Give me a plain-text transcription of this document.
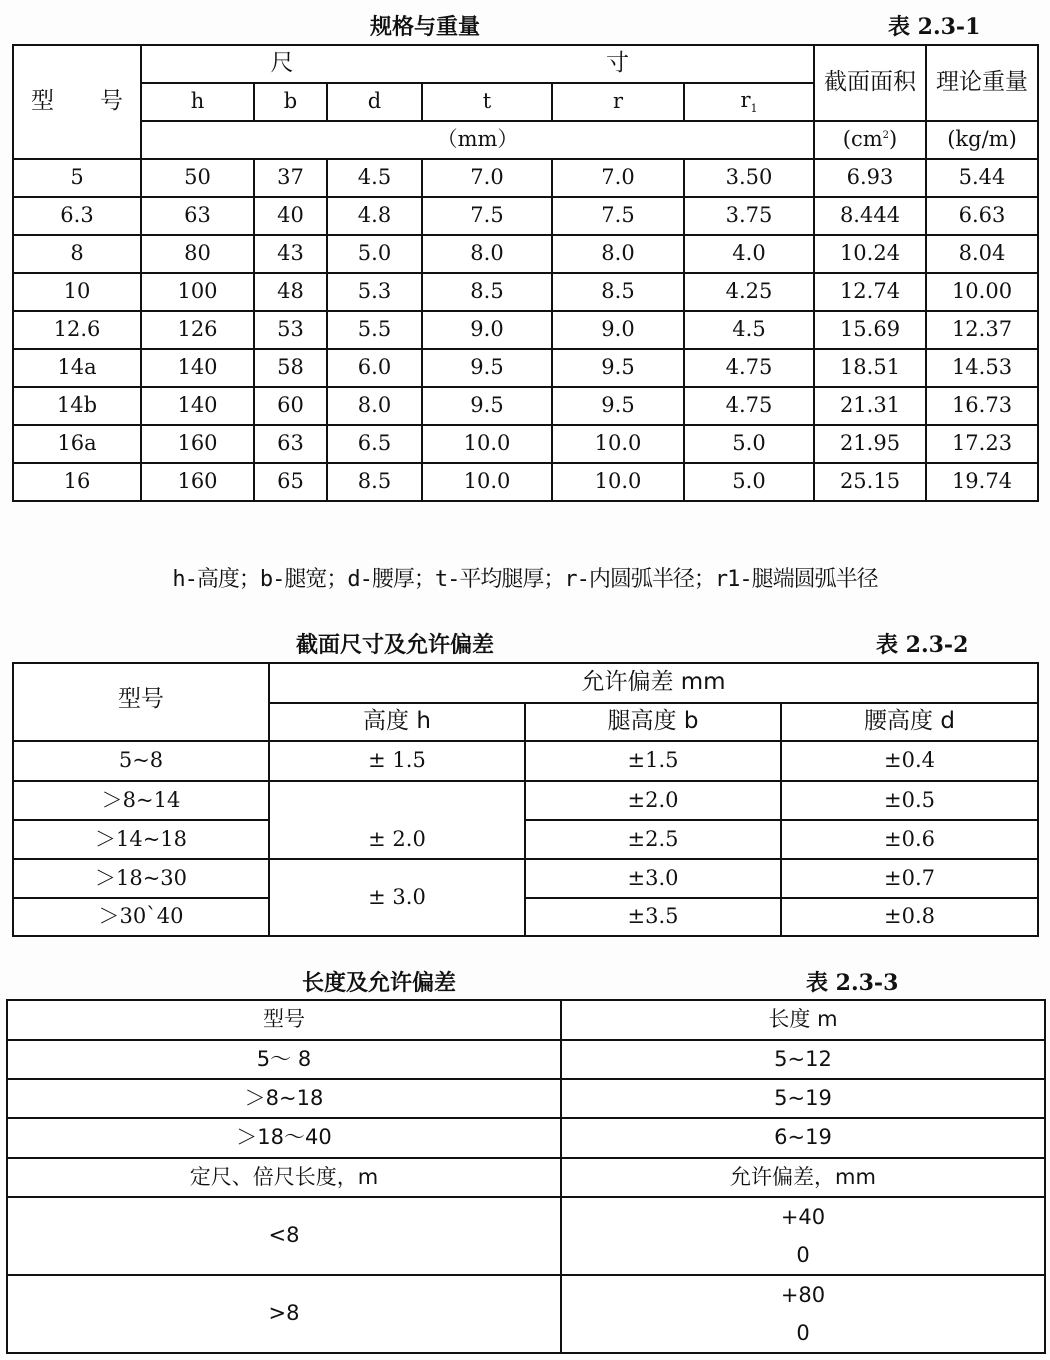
规格与重量	表 2.3-1
型　　号	尺			寸			截面面积	理论重量
	h	b	d	t	r	$r_1$
	（mm）						$(cm^2)$	(kg/m)
5	50	37	4.5	7.0	7.0	3.50	6.93	5.44
6.3	63	40	4.8	7.5	7.5	3.75	8.444	6.63
8	80	43	5.0	8.0	8.0	4.0	10.24	8.04
10	100	48	5.3	8.5	8.5	4.25	12.74	10.00
12.6	126	53	5.5	9.0	9.0	4.5	15.69	12.37
14a	140	58	6.0	9.5	9.5	4.75	18.51	14.53
14b	140	60	8.0	9.5	9.5	4.75	21.31	16.73
16a	160	63	6.5	10.0	10.0	5.0	21.95	17.23
16	160	65	8.5	10.0	10.0	5.0	25.15	19.74
h-高度；b-腿宽；d-腰厚；t-平均腿厚；r-内圆弧半径；r1-腿端圆弧半径
截面尺寸及允许偏差	表 2.3-2
型号	允许偏差 mm		
	高度 h	腿高度 b	腰高度 d
5~8	± 1.5	±1.5	±0.4
＞8~14	± 2.0	±2.0	±0.5
＞14~18		±2.5	±0.6
＞18~30	± 3.0	±3.0	±0.7
＞30`40		±3.5	±0.8
长度及允许偏差	表 2.3-3
型号	长度 m
5～ 8	5~12
＞8~18	5~19
＞18～40	6~19
定尺、倍尺长度，m	允许偏差，mm
<8	+40
0

>8	+80
0
